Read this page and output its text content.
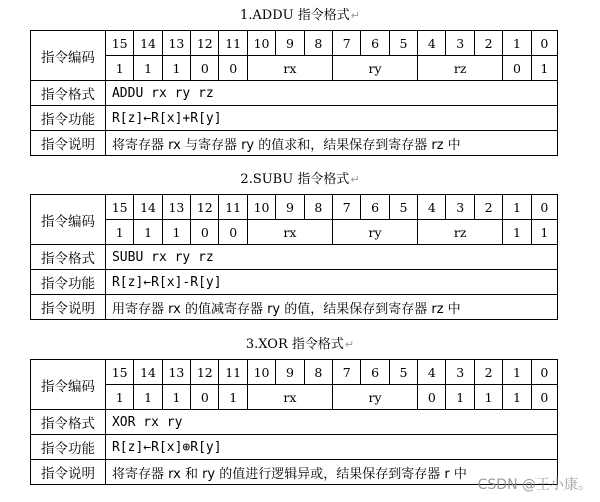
1.ADDU 指令格式↵
指令编码	15	14	13	12	11	10	9	8	7	6	5	4	3	2	1	0
	1	1	1	0	0	rx			ry			rz			0	1
指令格式	ADDU rx ry rz															
指令功能	R[z]←R[x]+R[y]															
指令说明	将寄存器 rx 与寄存器 ry 的值求和，结果保存到寄存器 rz 中															
2.SUBU 指令格式↵
指令编码	15	14	13	12	11	10	9	8	7	6	5	4	3	2	1	0
	1	1	1	0	0	rx			ry			rz			1	1
指令格式	SUBU rx ry rz															
指令功能	R[z]←R[x]-R[y]															
指令说明	用寄存器 rx 的值减寄存器 ry 的值，结果保存到寄存器 rz 中															
3.XOR 指令格式↵
指令编码	15	14	13	12	11	10	9	8	7	6	5	4	3	2	1	0
	1	1	1	0	1	rx			ry			0	1	1	1	0
指令格式	XOR rx ry															
指令功能	R[z]←R[x]⊕R[y]															
指令说明	将寄存器 rx 和 ry 的值进行逻辑异或，结果保存到寄存器 r 中															
CSDN @王小康。
